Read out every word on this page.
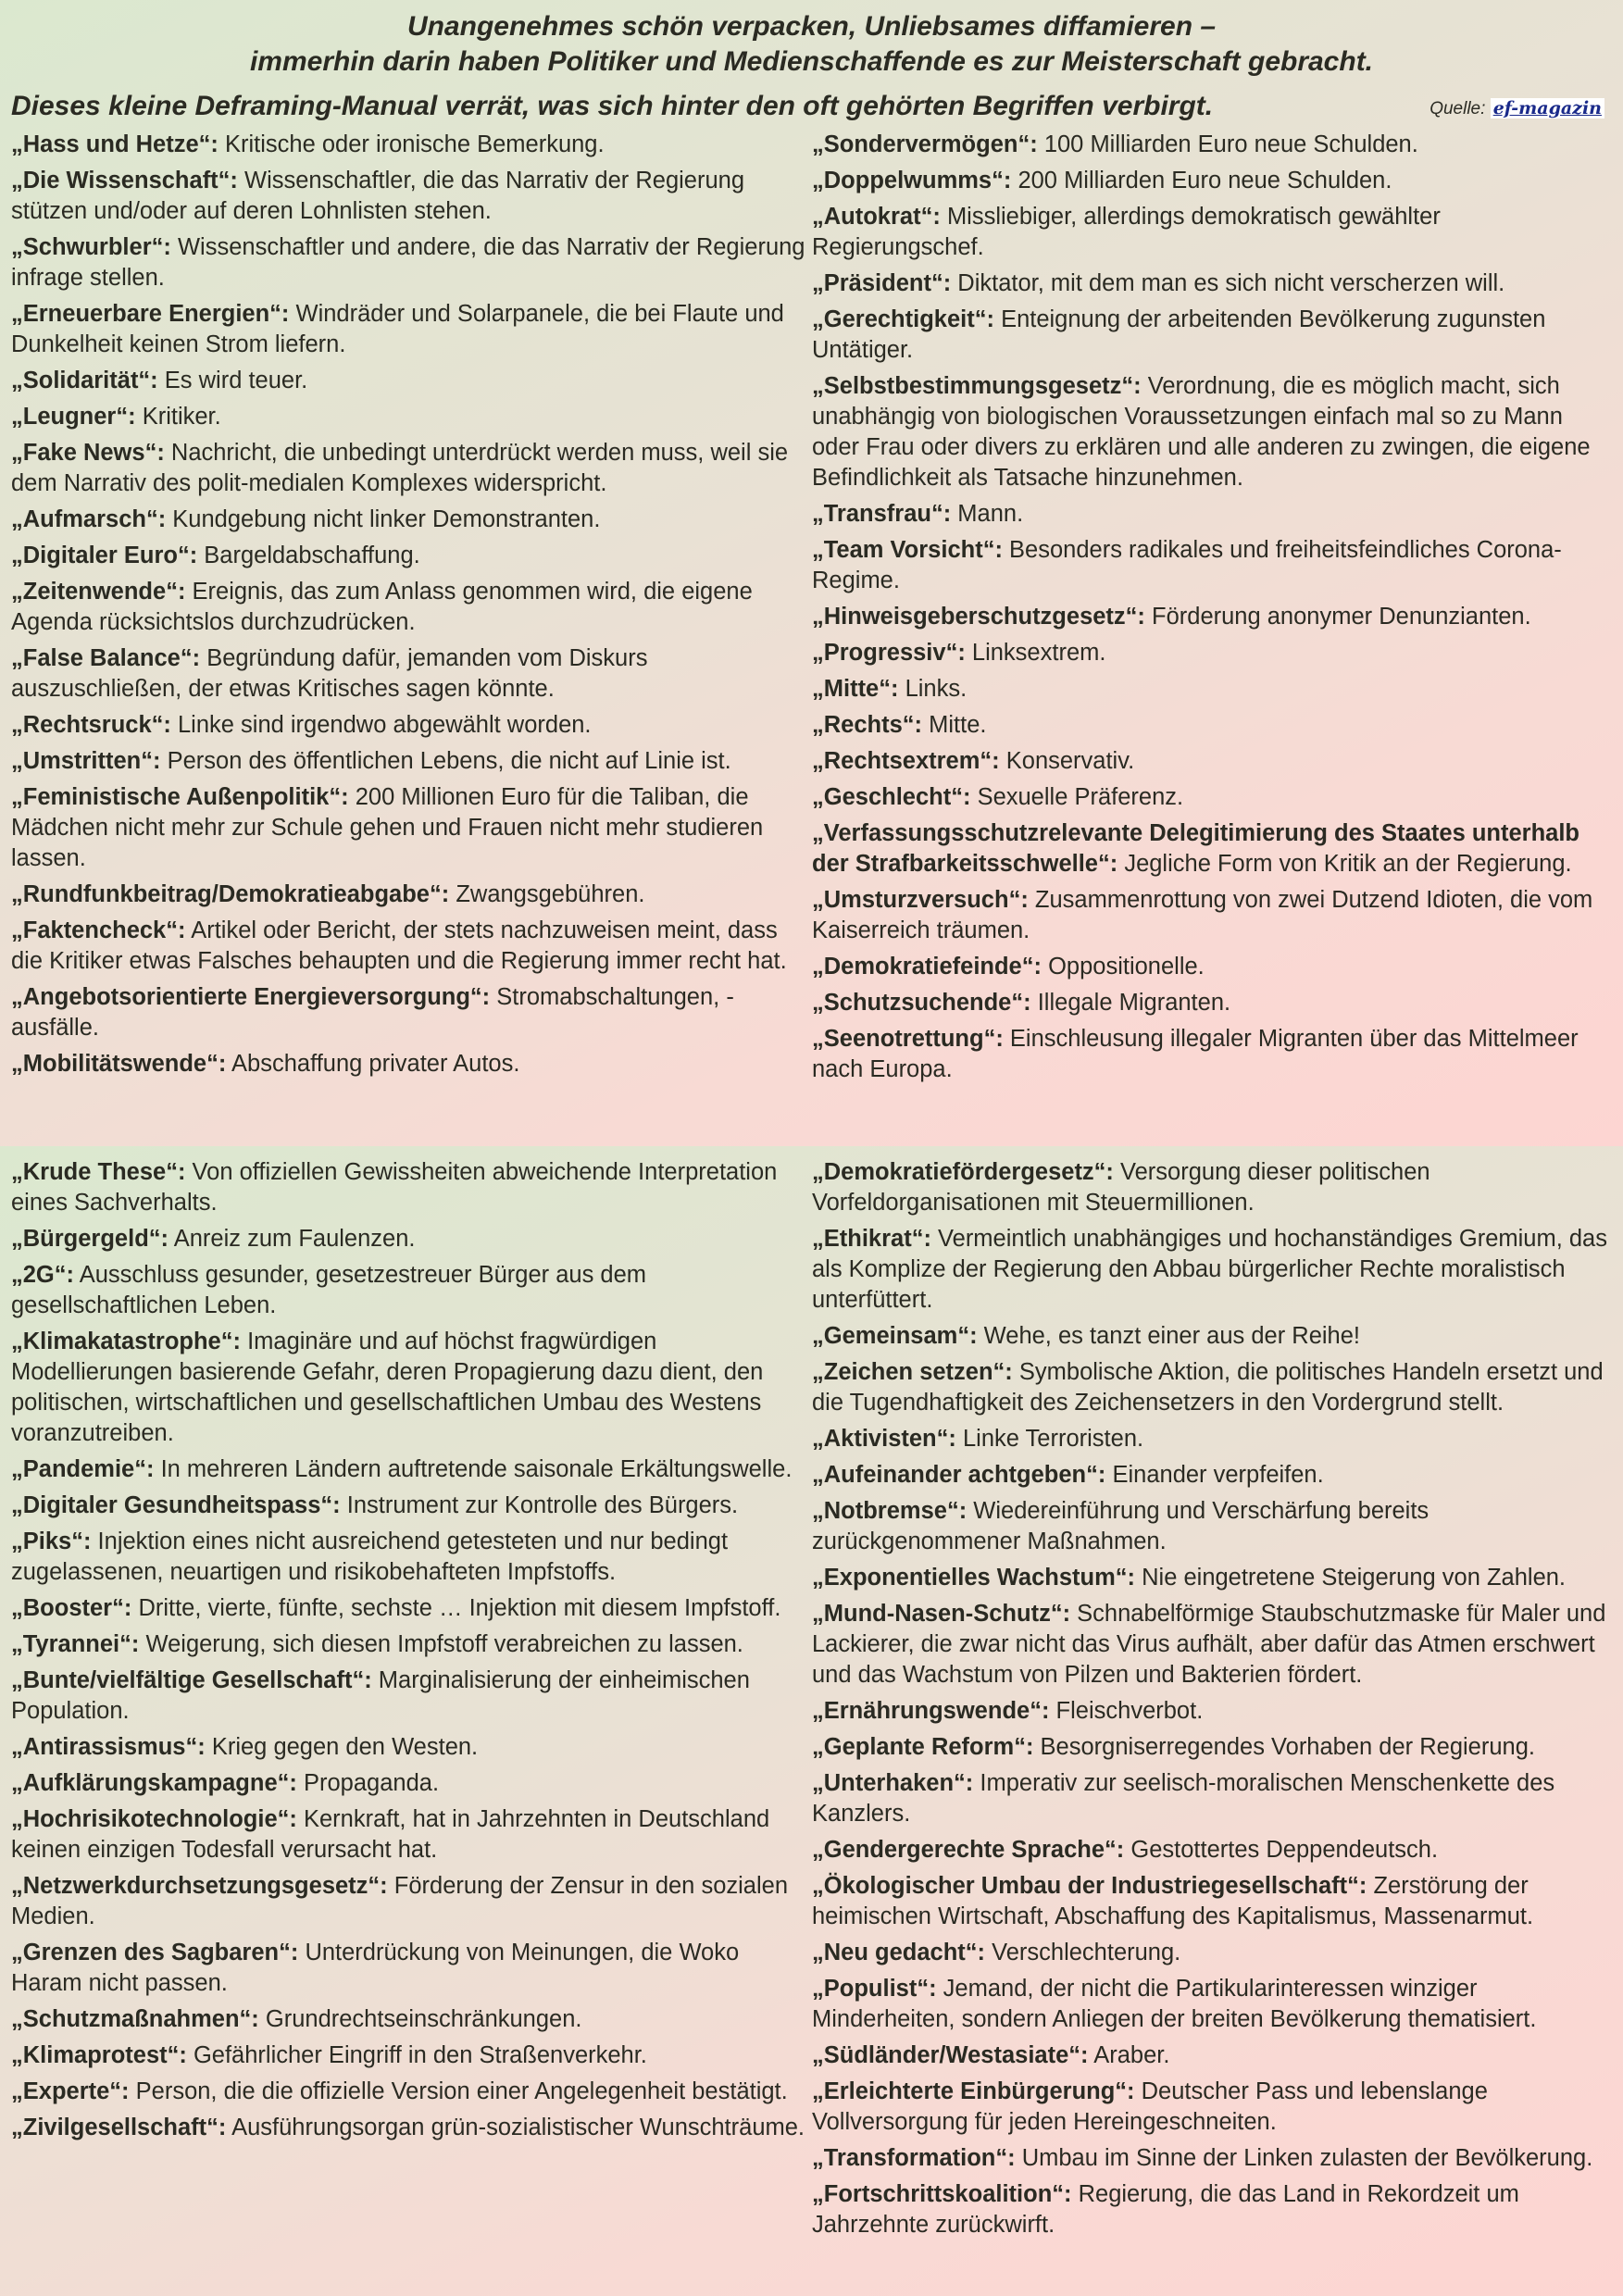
Unangenehmes schön verpacken, Unliebsames diffamieren –

immerhin darin haben Politiker und Medienschaffende es zur Meisterschaft gebracht.

Dieses kleine Deframing-Manual verrät, was sich hinter den oft gehörten Begriffen verbirgt.	Quelle: ef-magazin

„Hass und Hetze“: Kritische oder ironische Bemerkung.

„Die Wissenschaft“: Wissenschaftler, die das Narrativ der Regierung stützen und/oder auf deren Lohnlisten stehen.

„Schwurbler“: Wissenschaftler und andere, die das Narrativ der Regierung infrage stellen.

„Erneuerbare Energien“: Windräder und Solarpanele, die bei Flaute und Dunkelheit keinen Strom liefern.

„Solidarität“: Es wird teuer.

„Leugner“: Kritiker.

„Fake News“: Nachricht, die unbedingt unterdrückt werden muss, weil sie dem Narrativ des polit-medialen Komplexes widerspricht.

„Aufmarsch“: Kundgebung nicht linker Demonstranten.

„Digitaler Euro“: Bargeldabschaffung.

„Zeitenwende“: Ereignis, das zum Anlass genommen wird, die eigene Agenda rücksichtslos durchzudrücken.

„False Balance“: Begründung dafür, jemanden vom Diskurs auszuschließen, der etwas Kritisches sagen könnte.

„Rechtsruck“: Linke sind irgendwo abgewählt worden.

„Umstritten“: Person des öffentlichen Lebens, die nicht auf Linie ist.

„Feministische Außenpolitik“: 200 Millionen Euro für die Taliban, die Mädchen nicht mehr zur Schule gehen und Frauen nicht mehr studieren lassen.

„Rundfunkbeitrag/Demokratieabgabe“: Zwangsgebühren.

„Faktencheck“: Artikel oder Bericht, der stets nachzuweisen meint, dass die Kritiker etwas Falsches behaupten und die Regierung immer recht hat.

„Angebotsorientierte Energieversorgung“: Stromabschaltungen, -ausfälle.

„Mobilitätswende“: Abschaffung privater Autos.

„Sondervermögen“: 100 Milliarden Euro neue Schulden.

„Doppelwumms“: 200 Milliarden Euro neue Schulden.

„Autokrat“: Missliebiger, allerdings demokratisch gewählter Regierungschef.

„Präsident“: Diktator, mit dem man es sich nicht verscherzen will.

„Gerechtigkeit“: Enteignung der arbeitenden Bevölkerung zugunsten Untätiger.

„Selbstbestimmungsgesetz“: Verordnung, die es möglich macht, sich unabhängig von biologischen Voraussetzungen einfach mal so zu Mann oder Frau oder divers zu erklären und alle anderen zu zwingen, die eigene Befindlichkeit als Tatsache hinzunehmen.

„Transfrau“: Mann.

„Team Vorsicht“: Besonders radikales und freiheitsfeindliches Corona-Regime.

„Hinweisgeberschutzgesetz“: Förderung anonymer Denunzianten.

„Progressiv“: Linksextrem.

„Mitte“: Links.

„Rechts“: Mitte.

„Rechtsextrem“: Konservativ.

„Geschlecht“: Sexuelle Präferenz.

„Verfassungsschutzrelevante Delegitimierung des Staates unterhalb der Strafbarkeitsschwelle“: Jegliche Form von Kritik an der Regierung.

„Umsturzversuch“: Zusammenrottung von zwei Dutzend Idioten, die vom Kaiserreich träumen.

„Demokratiefeinde“: Oppositionelle.

„Schutzsuchende“: Illegale Migranten.

„Seenotrettung“: Einschleusung illegaler Migranten über das Mittelmeer nach Europa.

„Krude These“: Von offiziellen Gewissheiten abweichende Interpretation eines Sachverhalts.

„Bürgergeld“: Anreiz zum Faulenzen.

„2G“: Ausschluss gesunder, gesetzestreuer Bürger aus dem gesellschaftlichen Leben.

„Klimakatastrophe“: Imaginäre und auf höchst fragwürdigen Modellierungen basierende Gefahr, deren Propagierung dazu dient, den politischen, wirtschaftlichen und gesellschaftlichen Umbau des Westens voranzutreiben.

„Pandemie“: In mehreren Ländern auftretende saisonale Erkältungswelle.

„Digitaler Gesundheitspass“: Instrument zur Kontrolle des Bürgers.

„Piks“: Injektion eines nicht ausreichend getesteten und nur bedingt zugelassenen, neuartigen und risikobehafteten Impfstoffs.

„Booster“: Dritte, vierte, fünfte, sechste … Injektion mit diesem Impfstoff.

„Tyrannei“: Weigerung, sich diesen Impfstoff verabreichen zu lassen.

„Bunte/vielfältige Gesellschaft“: Marginalisierung der einheimischen Population.

„Antirassismus“: Krieg gegen den Westen.

„Aufklärungskampagne“: Propaganda.

„Hochrisikotechnologie“: Kernkraft, hat in Jahrzehnten in Deutschland keinen einzigen Todesfall verursacht hat.

„Netzwerkdurchsetzungsgesetz“: Förderung der Zensur in den sozialen Medien.

„Grenzen des Sagbaren“: Unterdrückung von Meinungen, die Woko Haram nicht passen.

„Schutzmaßnahmen“: Grundrechtseinschränkungen.

„Klimaprotest“: Gefährlicher Eingriff in den Straßenverkehr.

„Experte“: Person, die die offizielle Version einer Angelegenheit bestätigt.

„Zivilgesellschaft“: Ausführungsorgan grün-sozialistischer Wunschträume.

„Demokratiefördergesetz“: Versorgung dieser politischen Vorfeldorganisationen mit Steuermillionen.

„Ethikrat“: Vermeintlich unabhängiges und hochanständiges Gremium, das als Komplize der Regierung den Abbau bürgerlicher Rechte moralistisch unterfüttert.

„Gemeinsam“: Wehe, es tanzt einer aus der Reihe!

„Zeichen setzen“: Symbolische Aktion, die politisches Handeln ersetzt und die Tugendhaftigkeit des Zeichensetzers in den Vordergrund stellt.

„Aktivisten“: Linke Terroristen.

„Aufeinander achtgeben“: Einander verpfeifen.

„Notbremse“: Wiedereinführung und Verschärfung bereits zurückgenommener Maßnahmen.

„Exponentielles Wachstum“: Nie eingetretene Steigerung von Zahlen.

„Mund-Nasen-Schutz“: Schnabelförmige Staubschutzmaske für Maler und Lackierer, die zwar nicht das Virus aufhält, aber dafür das Atmen erschwert und das Wachstum von Pilzen und Bakterien fördert.

„Ernährungswende“: Fleischverbot.

„Geplante Reform“: Besorgniserregendes Vorhaben der Regierung.

„Unterhaken“: Imperativ zur seelisch-moralischen Menschenkette des Kanzlers.

„Gendergerechte Sprache“: Gestottertes Deppendeutsch.

„Ökologischer Umbau der Industriegesellschaft“: Zerstörung der heimischen Wirtschaft, Abschaffung des Kapitalismus, Massenarmut.

„Neu gedacht“: Verschlechterung.

„Populist“: Jemand, der nicht die Partikularinteressen winziger Minderheiten, sondern Anliegen der breiten Bevölkerung thematisiert.

„Südländer/Westasiate“: Araber.

„Erleichterte Einbürgerung“: Deutscher Pass und lebenslange Vollversorgung für jeden Hereingeschneiten.

„Transformation“: Umbau im Sinne der Linken zulasten der Bevölkerung.

„Fortschrittskoalition“: Regierung, die das Land in Rekordzeit um Jahrzehnte zurückwirft.
